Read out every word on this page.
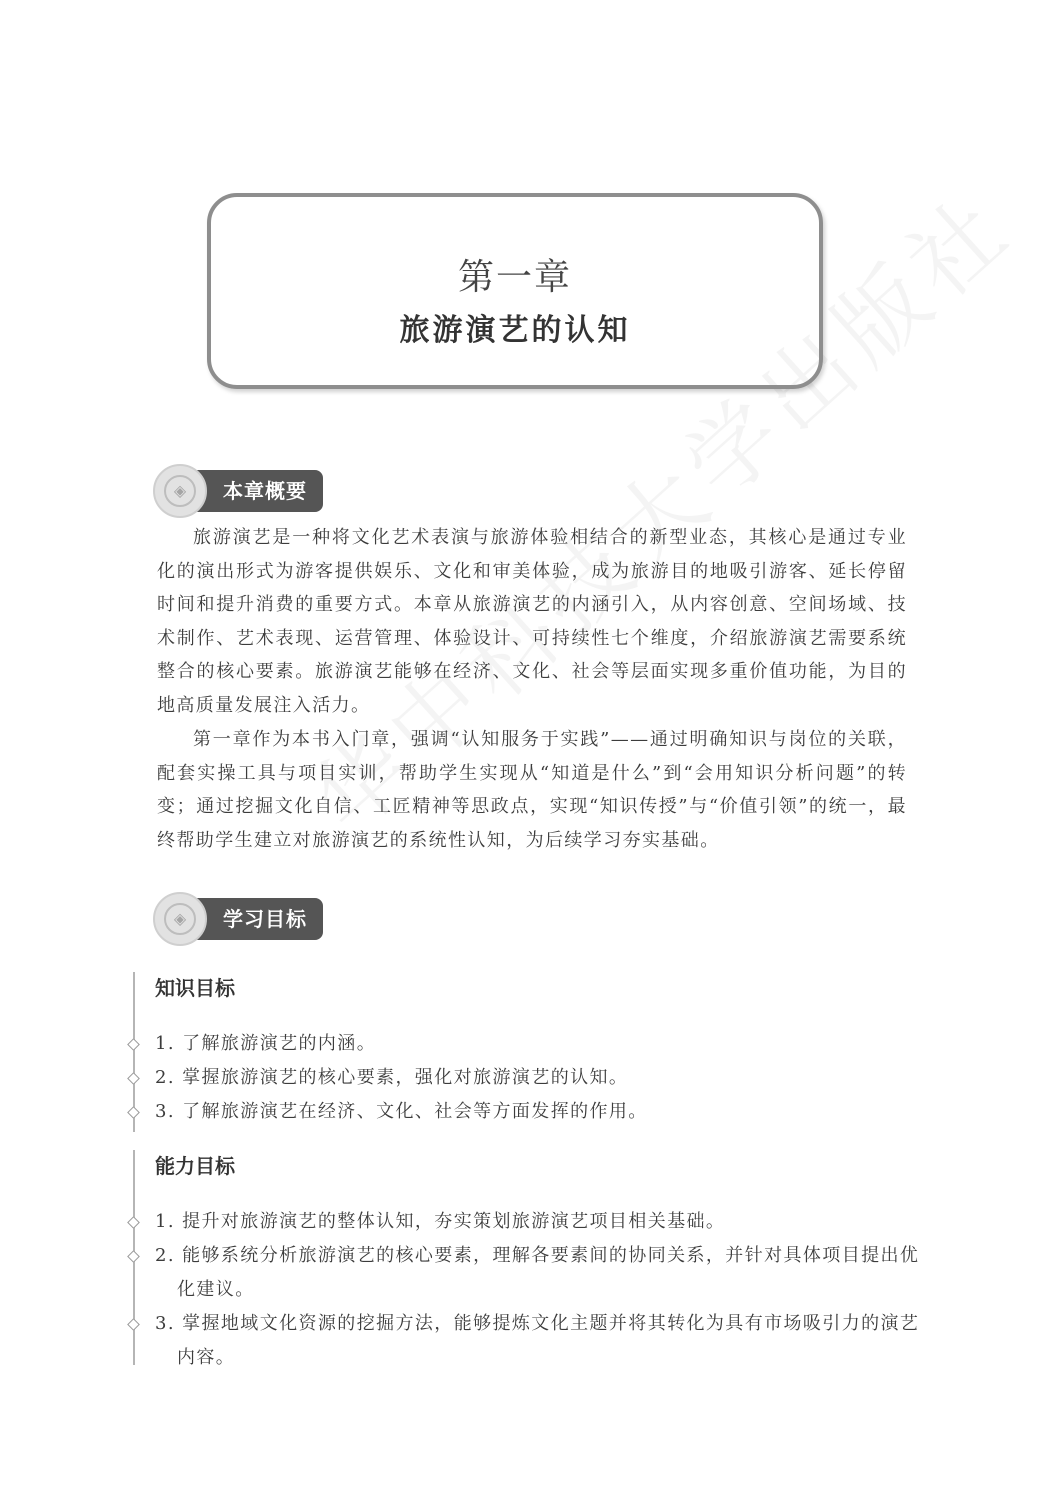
第一章
旅游演艺的认知
◈	本章概要

旅游演艺是一种将文化艺术表演与旅游体验相结合的新型业态，其核心是通过专业化的演出形式为游客提供娱乐、文化和审美体验，成为旅游目的地吸引游客、延长停留时间和提升消费的重要方式。本章从旅游演艺的内涵引入，从内容创意、空间场域、技术制作、艺术表现、运营管理、体验设计、可持续性七个维度，介绍旅游演艺需要系统整合的核心要素。旅游演艺能够在经济、文化、社会等层面实现多重价值功能，为目的地高质量发展注入活力。

第一章作为本书入门章，强调“认知服务于实践”——通过明确知识与岗位的关联，配套实操工具与项目实训，帮助学生实现从“知道是什么”到“会用知识分析问题”的转变；通过挖掘文化自信、工匠精神等思政点，实现“知识传授”与“价值引领”的统一，最终帮助学生建立对旅游演艺的系统性认知，为后续学习夯实基础。

◈	学习目标
知识目标
1. 了解旅游演艺的内涵。
2. 掌握旅游演艺的核心要素，强化对旅游演艺的认知。
3. 了解旅游演艺在经济、文化、社会等方面发挥的作用。
能力目标
1. 提升对旅游演艺的整体认知，夯实策划旅游演艺项目相关基础。
2. 能够系统分析旅游演艺的核心要素，理解各要素间的协同关系，并针对具体项目提出优化建议。
3. 掌握地域文化资源的挖掘方法，能够提炼文化主题并将其转化为具有市场吸引力的演艺内容。
